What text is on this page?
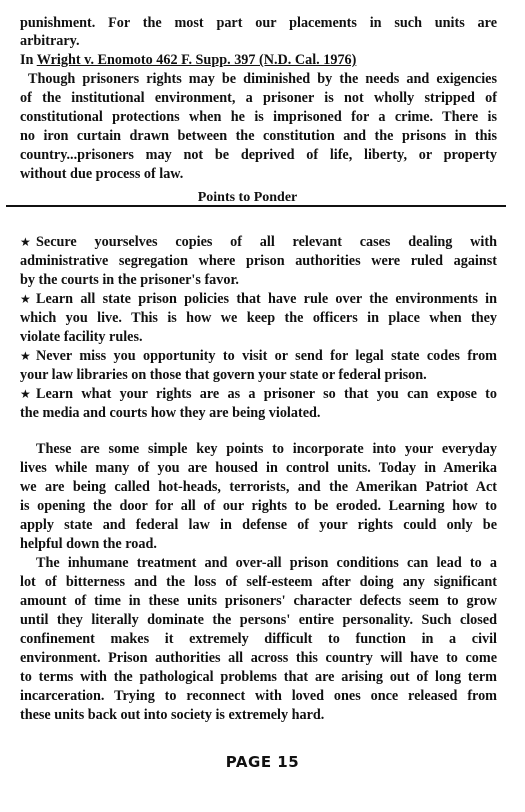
punishment. For the most part our placements in such units are
arbitrary.
In Wright v. Enomoto 462 F. Supp. 397 (N.D. Cal. 1976)
Though prisoners rights may be diminished by the needs and exigencies
of the institutional environment, a prisoner is not wholly stripped of
constitutional protections when he is imprisoned for a crime. There is
no iron curtain drawn between the constitution and the prisons in this
country...prisoners may not be deprived of life, liberty, or property
without due process of law.
Points to Ponder
★ Secure yourselves copies of all relevant cases dealing with
administrative segregation where prison authorities were ruled against
by the courts in the prisoner's favor.
★ Learn all state prison policies that have rule over the environments in
which you live. This is how we keep the officers in place when they
violate facility rules.
★ Never miss you opportunity to visit or send for legal state codes from
your law libraries on those that govern your state or federal prison.
★ Learn what your rights are as a prisoner so that you can expose to
the media and courts how they are being violated.
These are some simple key points to incorporate into your everyday
lives while many of you are housed in control units. Today in Amerika
we are being called hot-heads, terrorists, and the Amerikan Patriot Act
is opening the door for all of our rights to be eroded. Learning how to
apply state and federal law in defense of your rights could only be
helpful down the road.
The inhumane treatment and over-all prison conditions can lead to a
lot of bitterness and the loss of self-esteem after doing any significant
amount of time in these units prisoners' character defects seem to grow
until they literally dominate the persons' entire personality. Such closed
confinement makes it extremely difficult to function in a civil
environment. Prison authorities all across this country will have to come
to terms with the pathological problems that are arising out of long term
incarceration. Trying to reconnect with loved ones once released from
these units back out into society is extremely hard.
PAGE 15
